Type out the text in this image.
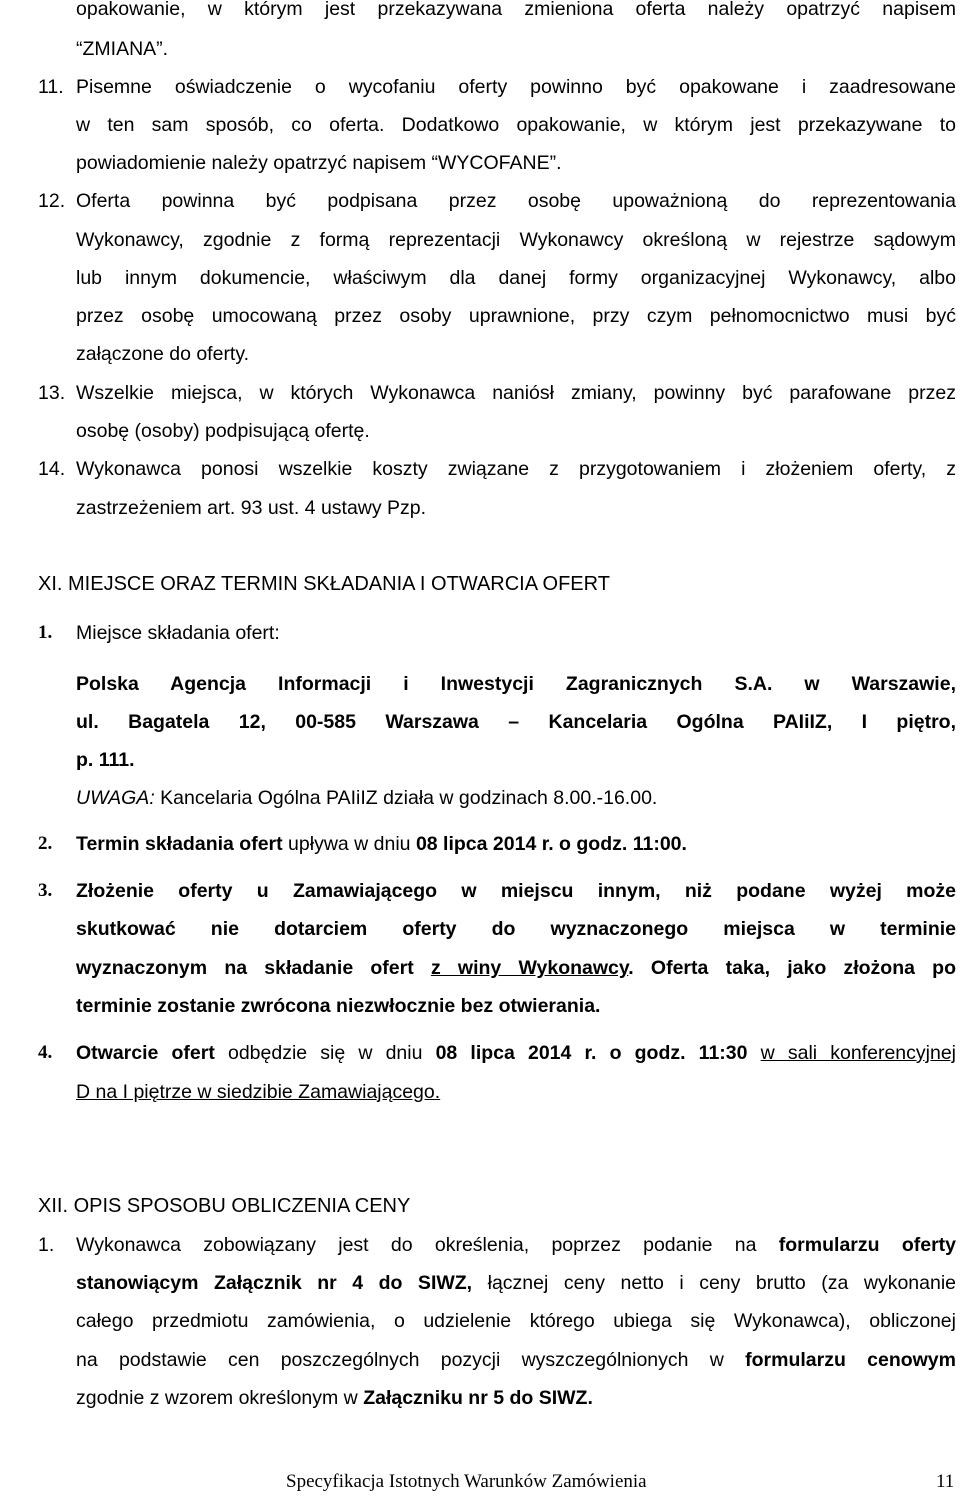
opakowanie, w którym jest przekazywana zmieniona oferta należy opatrzyć napisem
“ZMIANA”.
11. Pisemne oświadczenie o wycofaniu oferty powinno być opakowane i zaadresowane
w ten sam sposób, co oferta. Dodatkowo opakowanie, w którym jest przekazywane to
powiadomienie należy opatrzyć napisem “WYCOFANE”.
12. Oferta powinna być podpisana przez osobę upoważnioną do reprezentowania
Wykonawcy, zgodnie z formą reprezentacji Wykonawcy określoną w rejestrze sądowym
lub innym dokumencie, właściwym dla danej formy organizacyjnej Wykonawcy, albo
przez osobę umocowaną przez osoby uprawnione, przy czym pełnomocnictwo musi być
załączone do oferty.
13. Wszelkie miejsca, w których Wykonawca naniósł zmiany, powinny być parafowane przez
osobę (osoby) podpisującą ofertę.
14. Wykonawca ponosi wszelkie koszty związane z przygotowaniem i złożeniem oferty, z
zastrzeżeniem art. 93 ust. 4 ustawy Pzp.
XI. MIEJSCE ORAZ TERMIN SKŁADANIA I OTWARCIA OFERT
1. Miejsce składania ofert:
Polska Agencja Informacji i Inwestycji Zagranicznych S.A. w Warszawie,
ul. Bagatela 12, 00-585 Warszawa – Kancelaria Ogólna PAIiIZ, I piętro,
p. 111.
UWAGA: Kancelaria Ogólna PAIiIZ działa w godzinach 8.00.-16.00.
2. Termin składania ofert upływa w dniu 08 lipca 2014 r. o godz. 11:00.
3. Złożenie oferty u Zamawiającego w miejscu innym, niż podane wyżej może
skutkować nie dotarciem oferty do wyznaczonego miejsca w terminie
wyznaczonym na składanie ofert z winy Wykonawcy. Oferta taka, jako złożona po
terminie zostanie zwrócona niezwłocznie bez otwierania.
4. Otwarcie ofert odbędzie się w dniu 08 lipca 2014 r. o godz. 11:30 w sali konferencyjnej
D na I piętrze w siedzibie Zamawiającego.
XII. OPIS SPOSOBU OBLICZENIA CENY
1. Wykonawca zobowiązany jest do określenia, poprzez podanie na formularzu oferty
stanowiącym Załącznik nr 4 do SIWZ, łącznej ceny netto i ceny brutto (za wykonanie
całego przedmiotu zamówienia, o udzielenie którego ubiega się Wykonawca), obliczonej
na podstawie cen poszczególnych pozycji wyszczególnionych w formularzu cenowym
zgodnie z wzorem określonym w Załączniku nr 5 do SIWZ.
Specyfikacja Istotnych Warunków Zamówienia	11
